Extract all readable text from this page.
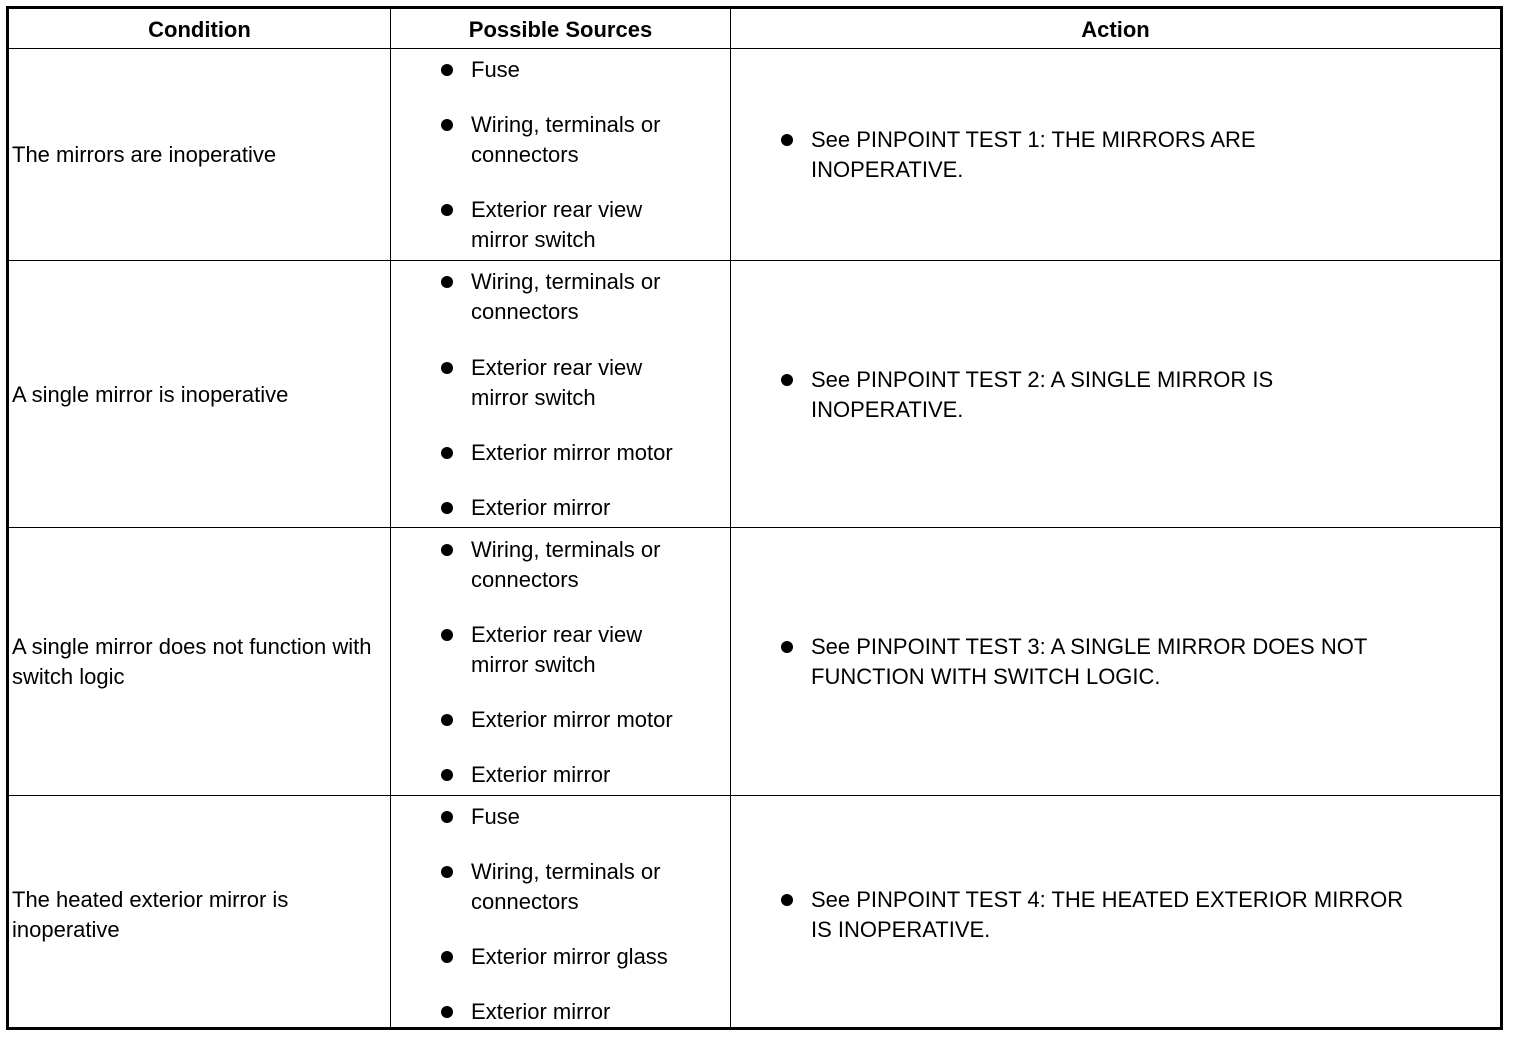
Condition	Possible Sources	Action
The mirrors are inoperative
Fuse
Wiring, terminals or connectors
Exterior rear view mirror switch
See PINPOINT TEST 1: THE MIRRORS ARE INOPERATIVE.
A single mirror is inoperative
Wiring, terminals or connectors
Exterior rear view mirror switch
Exterior mirror motor
Exterior mirror
See PINPOINT TEST 2: A SINGLE MIRROR IS INOPERATIVE.
A single mirror does not function with switch logic
Wiring, terminals or connectors
Exterior rear view mirror switch
Exterior mirror motor
Exterior mirror
See PINPOINT TEST 3: A SINGLE MIRROR DOES NOT FUNCTION WITH SWITCH LOGIC.
The heated exterior mirror is inoperative
Fuse
Wiring, terminals or connectors
Exterior mirror glass
Exterior mirror
See PINPOINT TEST 4: THE HEATED EXTERIOR MIRROR IS INOPERATIVE.
